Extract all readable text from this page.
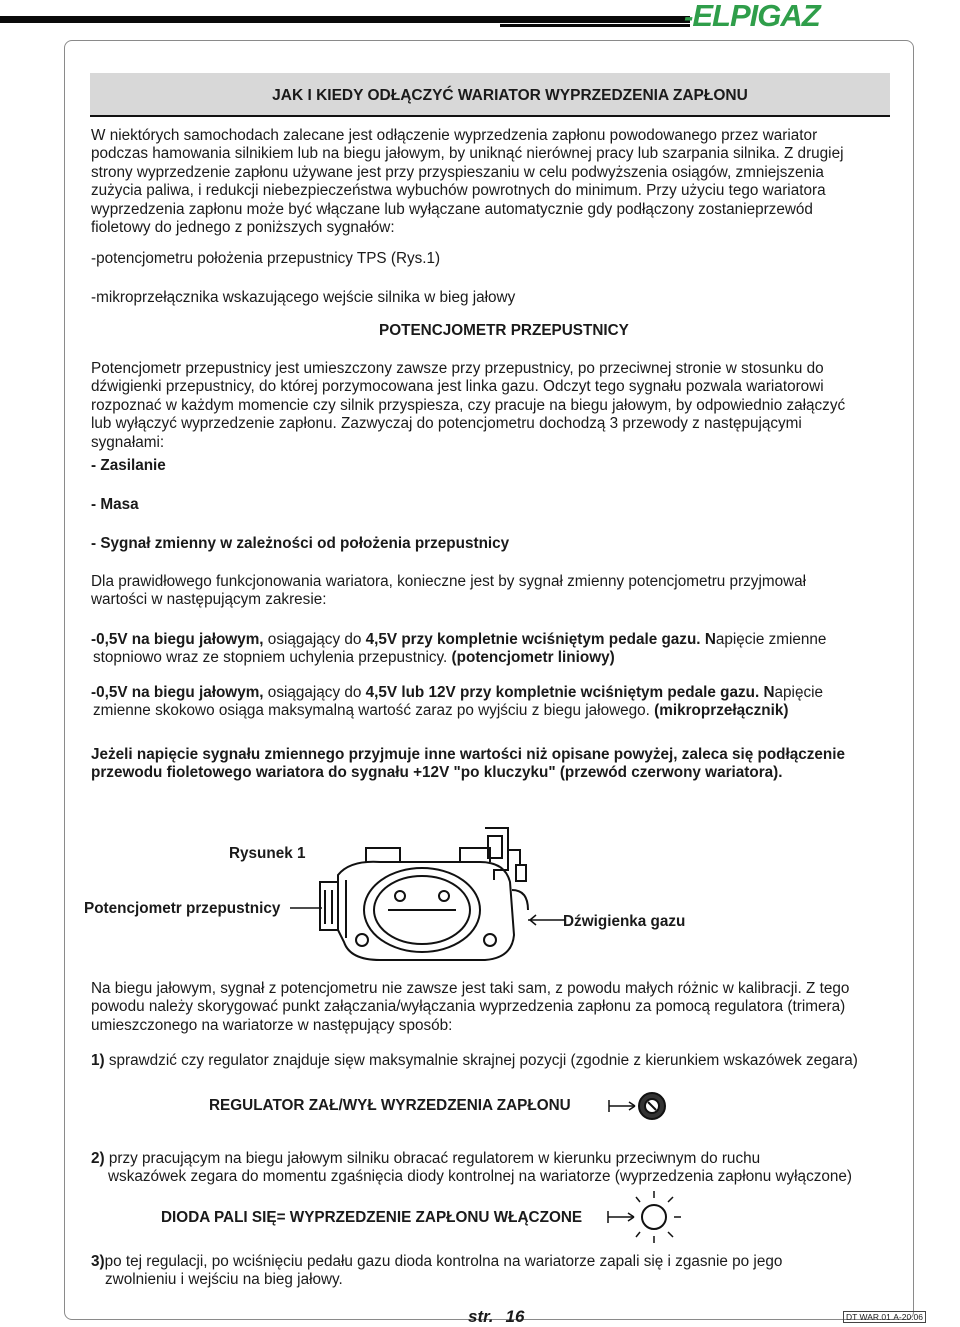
-ELPIGAZ
JAK I KIEDY ODŁĄCZYĆ WARIATOR WYPRZEDZENIA ZAPŁONU
W niektórych samochodach zalecane jest odłączenie wyprzedzenia zapłonu powodowanego przez wariator
podczas hamowania silnikiem lub na biegu jałowym, by uniknąć nierównej pracy lub szarpania silnika. Z drugiej
strony wyprzedzenie zapłonu używane jest przy przyspieszaniu w celu podwyższenia osiągów, zmniejszenia
zużycia paliwa, i redukcji niebezpieczeństwa wybuchów powrotnych do minimum. Przy użyciu tego wariatora
wyprzedzenia zapłonu może być włączane lub wyłączane automatycznie gdy podłączony zostanieprzewód
fioletowy do jednego z poniższych sygnałów:
-potencjometru położenia przepustnicy TPS (Rys.1)
-mikroprzełącznika wskazującego wejście silnika w bieg jałowy
POTENCJOMETR PRZEPUSTNICY
Potencjometr przepustnicy jest umieszczony zawsze przy przepustnicy, po przeciwnej stronie w stosunku do
dźwigienki przepustnicy, do której porzymocowana jest linka gazu. Odczyt tego sygnału pozwala wariatorowi
rozpoznać w każdym momencie czy silnik przyspiesza, czy pracuje na biegu jałowym, by odpowiednio załączyć
lub wyłączyć wyprzedzenie zapłonu. Zazwyczaj do potencjometru dochodzą 3 przewody z następującymi
sygnałami:
- Zasilanie
- Masa
- Sygnał zmienny w zależności od położenia przepustnicy
Dla prawidłowego funkcjonowania wariatora, konieczne jest by sygnał zmienny potencjometru przyjmował
wartości w następującym zakresie:
-0,5V na biegu jałowym, osiągający do 4,5V przy kompletnie wciśniętym pedale gazu. Napięcie zmienne
stopniowo wraz ze stopniem uchylenia przepustnicy. (potencjometr liniowy)
-0,5V na biegu jałowym, osiągający do 4,5V lub 12V przy kompletnie wciśniętym pedale gazu. Napięcie
zmienne skokowo osiąga maksymalną wartość zaraz po wyjściu z biegu jałowego. (mikroprzełącznik)
Jeżeli napięcie sygnału zmiennego przyjmuje inne wartości niż opisane powyżej, zaleca się podłączenie
przewodu fioletowego wariatora do sygnału +12V "po kluczyku" (przewód czerwony wariatora).
Rysunek 1
Potencjometr przepustnicy
Dźwigienka gazu
Na biegu jałowym, sygnał z potencjometru nie zawsze jest taki sam, z powodu małych różnic w kalibracji. Z tego
powodu należy skorygować punkt załączania/wyłączania wyprzedzenia zapłonu za pomocą regulatora (trimera)
umieszczonego na wariatorze w następujący sposób:
1) sprawdzić czy regulator znajduje sięw maksymalnie skrajnej pozycji (zgodnie z kierunkiem wskazówek zegara)
REGULATOR ZAŁ/WYŁ WYRZEDZENIA ZAPŁONU
2) przy pracującym na biegu jałowym silniku obracać regulatorem w kierunku przeciwnym do ruchu
wskazówek zegara do momentu zgaśnięcia diody kontrolnej na wariatorze (wyprzedzenia zapłonu wyłączone)
DIODA PALI SIĘ= WYPRZEDZENIE ZAPŁONU WŁĄCZONE
3)po tej regulacji, po wciśnięciu pedału gazu dioda kontrolna na wariatorze zapali się i zgasnie po jego
zwolnieniu i wejściu na bieg jałowy.
str. 16	DT WAR.01.A-20.06
